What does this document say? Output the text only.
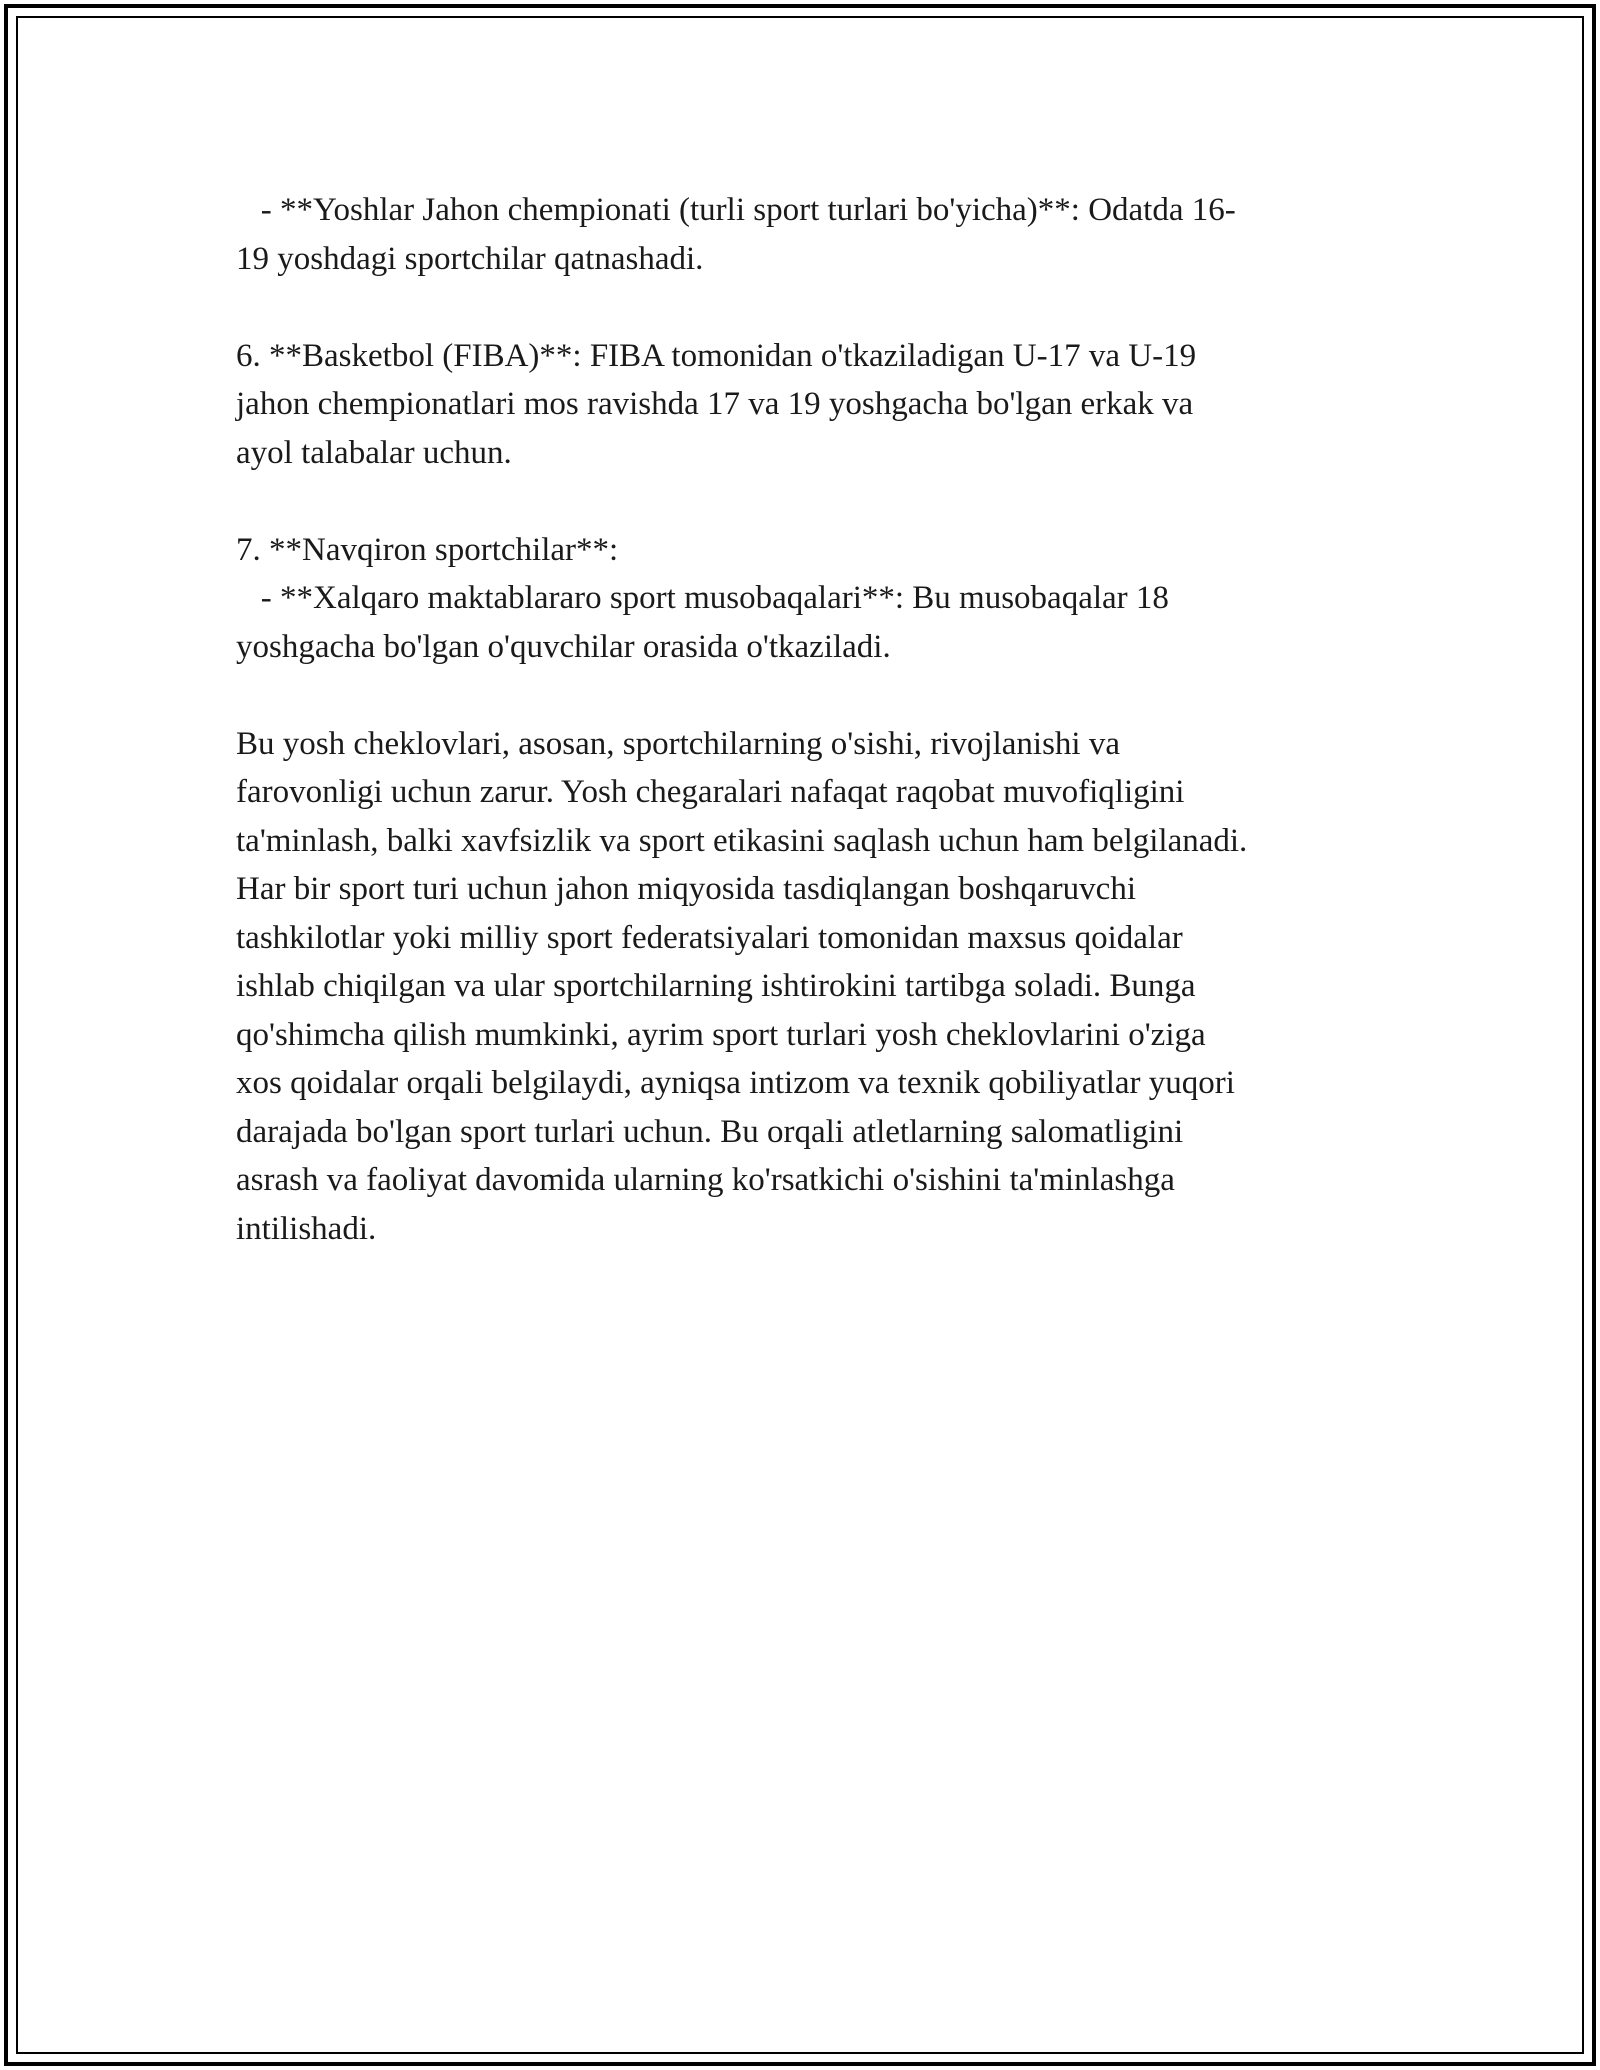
- **Yoshlar Jahon chempionati (turli sport turlari bo'yicha)**: Odatda 16-
19 yoshdagi sportchilar qatnashadi.
6. **Basketbol (FIBA)**: FIBA tomonidan o'tkaziladigan U-17 va U-19
jahon chempionatlari mos ravishda 17 va 19 yoshgacha bo'lgan erkak va
ayol talabalar uchun.
7. **Navqiron sportchilar**:
- **Xalqaro maktablararo sport musobaqalari**: Bu musobaqalar 18
yoshgacha bo'lgan o'quvchilar orasida o'tkaziladi.
Bu yosh cheklovlari, asosan, sportchilarning o'sishi, rivojlanishi va
farovonligi uchun zarur. Yosh chegaralari nafaqat raqobat muvofiqligini
ta'minlash, balki xavfsizlik va sport etikasini saqlash uchun ham belgilanadi.
Har bir sport turi uchun jahon miqyosida tasdiqlangan boshqaruvchi
tashkilotlar yoki milliy sport federatsiyalari tomonidan maxsus qoidalar
ishlab chiqilgan va ular sportchilarning ishtirokini tartibga soladi. Bunga
qo'shimcha qilish mumkinki, ayrim sport turlari yosh cheklovlarini o'ziga
xos qoidalar orqali belgilaydi, ayniqsa intizom va texnik qobiliyatlar yuqori
darajada bo'lgan sport turlari uchun. Bu orqali atletlarning salomatligini
asrash va faoliyat davomida ularning ko'rsatkichi o'sishini ta'minlashga
intilishadi.
